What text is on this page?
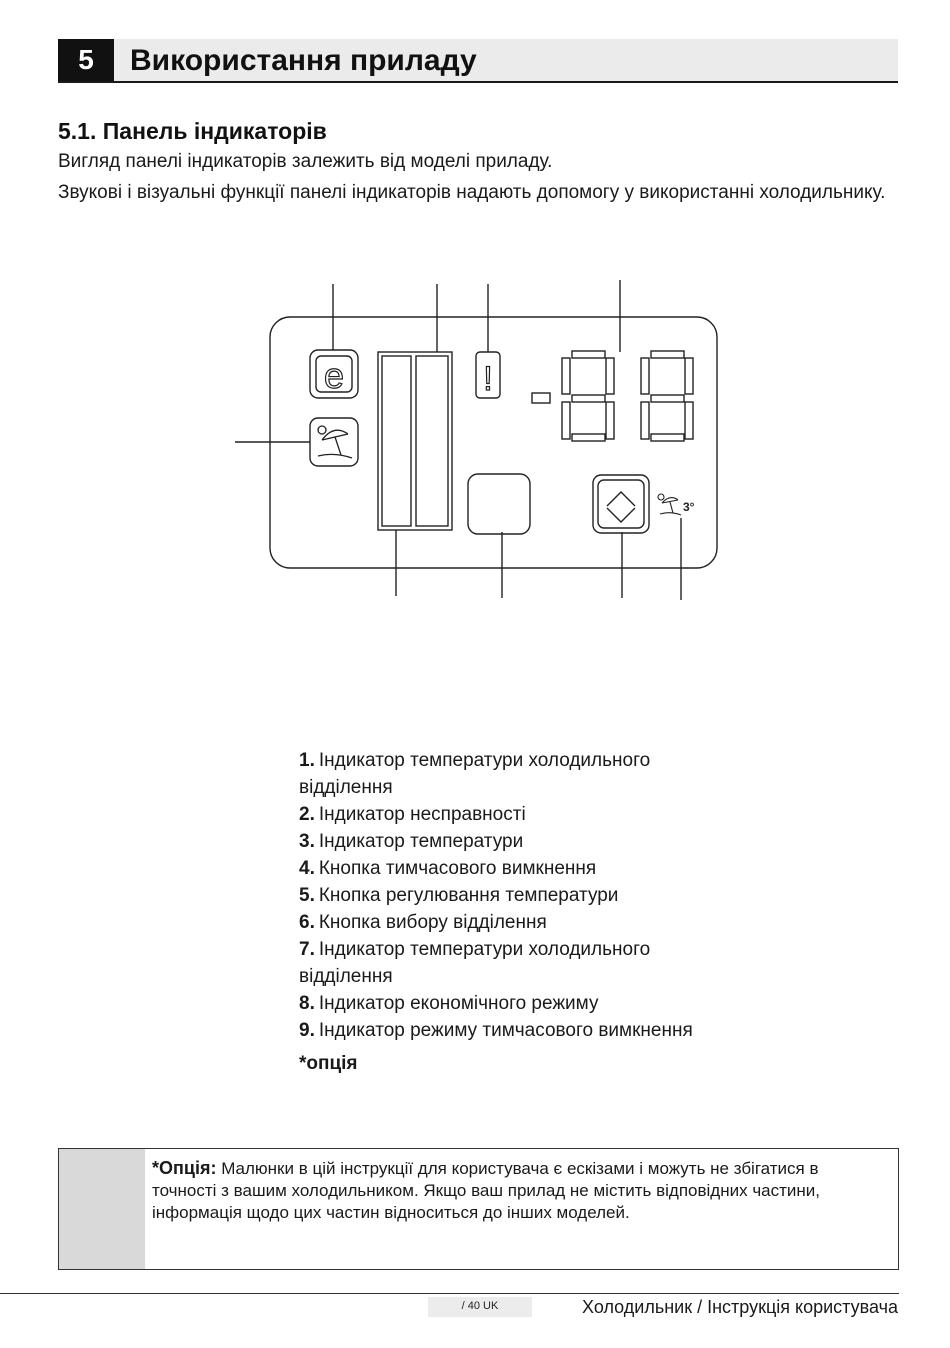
5	Використання приладу
5.1. Панель індикаторів
Вигляд панелі індикаторів залежить від моделі приладу.
Звукові і візуальні функції панелі індикаторів надають допомогу у використанні холодильнику.
e	!
3°
1. Індикатор температури холодильного відділення
2. Індикатор несправності
3. Індикатор температури
4. Кнопка тимчасового вимкнення
5. Кнопка регулювання температури
6. Кнопка вибору відділення
7. Індикатор температури холодильного відділення
8. Індикатор економічного режиму
9. Індикатор режиму тимчасового вимкнення
*опція
*Опція: Малюнки в цій інструкції для користувача є ескізами і можуть не збігатися в точності з вашим холодильником. Якщо ваш прилад не містить відповідних частини, інформація щодо цих частин відноситься до інших моделей.
/ 40 UK	Холодильник / Інструкція користувача
